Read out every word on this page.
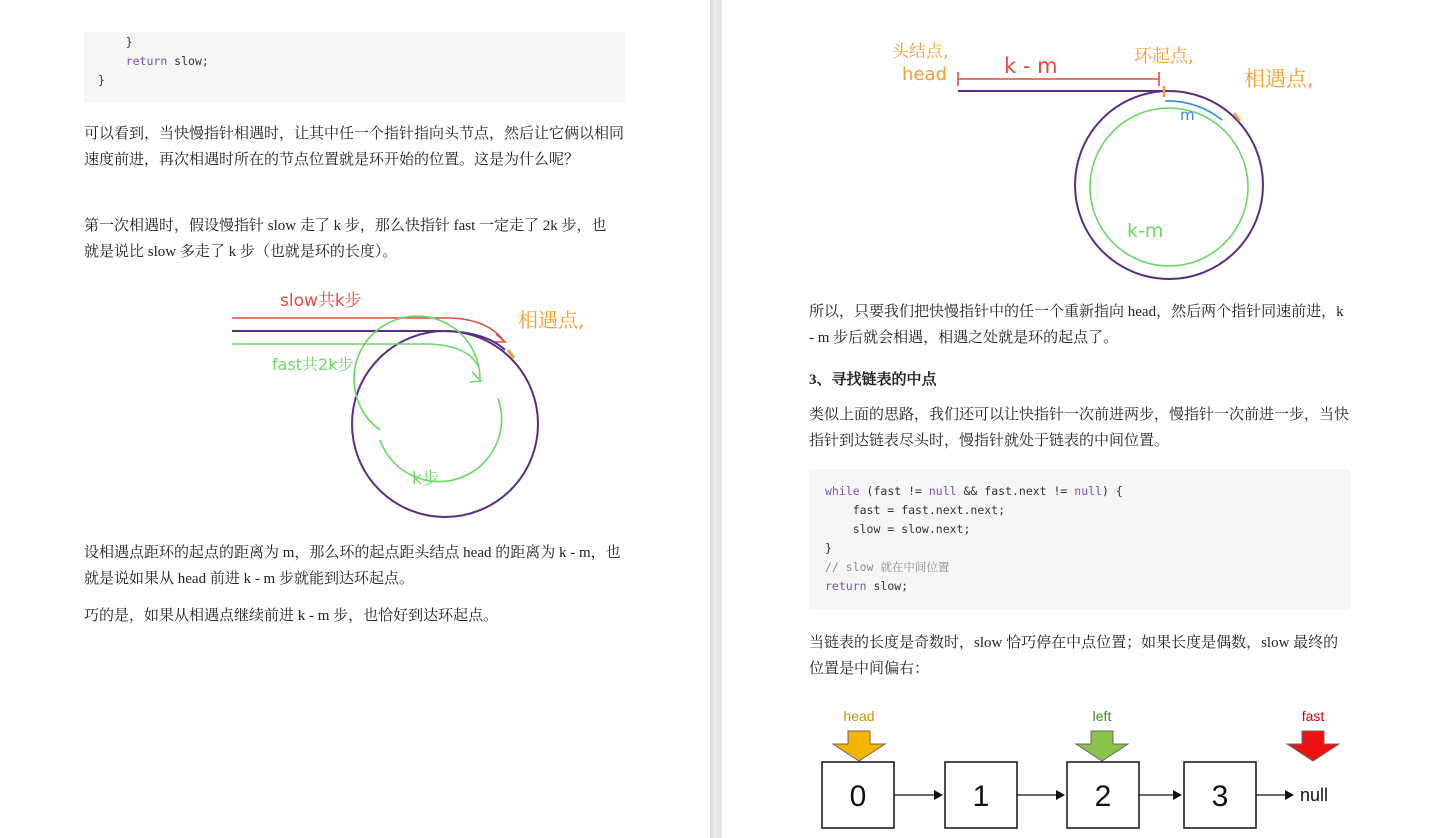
}
return slow;
}

可以看到，当快慢指针相遇时，让其中任一个指针指向头节点，然后让它俩以相同速度前进，再次相遇时所在的节点位置就是环开始的位置。这是为什么呢？

第一次相遇时，假设慢指针 slow 走了 k 步，那么快指针 fast 一定走了 2k 步，也就是说比 slow 多走了 k 步（也就是环的长度）。

slow共k步
fast共2k步
相遇点,
k步

设相遇点距环的起点的距离为 m，那么环的起点距头结点 head 的距离为 k - m，也就是说如果从 head 前进 k - m 步就能到达环起点。

巧的是，如果从相遇点继续前进 k - m 步，也恰好到达环起点。

头结点,
head	k - m	环起点,
相遇点,
m
k-m

所以，只要我们把快慢指针中的任一个重新指向 head，然后两个指针同速前进，k - m 步后就会相遇，相遇之处就是环的起点了。

3、寻找链表的中点

类似上面的思路，我们还可以让快指针一次前进两步，慢指针一次前进一步，当快指针到达链表尽头时，慢指针就处于链表的中间位置。

while (fast != null && fast.next != null) {
fast = fast.next.next;
slow = slow.next;
}
// slow 就在中间位置
return slow;

当链表的长度是奇数时，slow 恰巧停在中点位置；如果长度是偶数，slow 最终的位置是中间偏右：

head	left	fast
0	1	2	3	null
